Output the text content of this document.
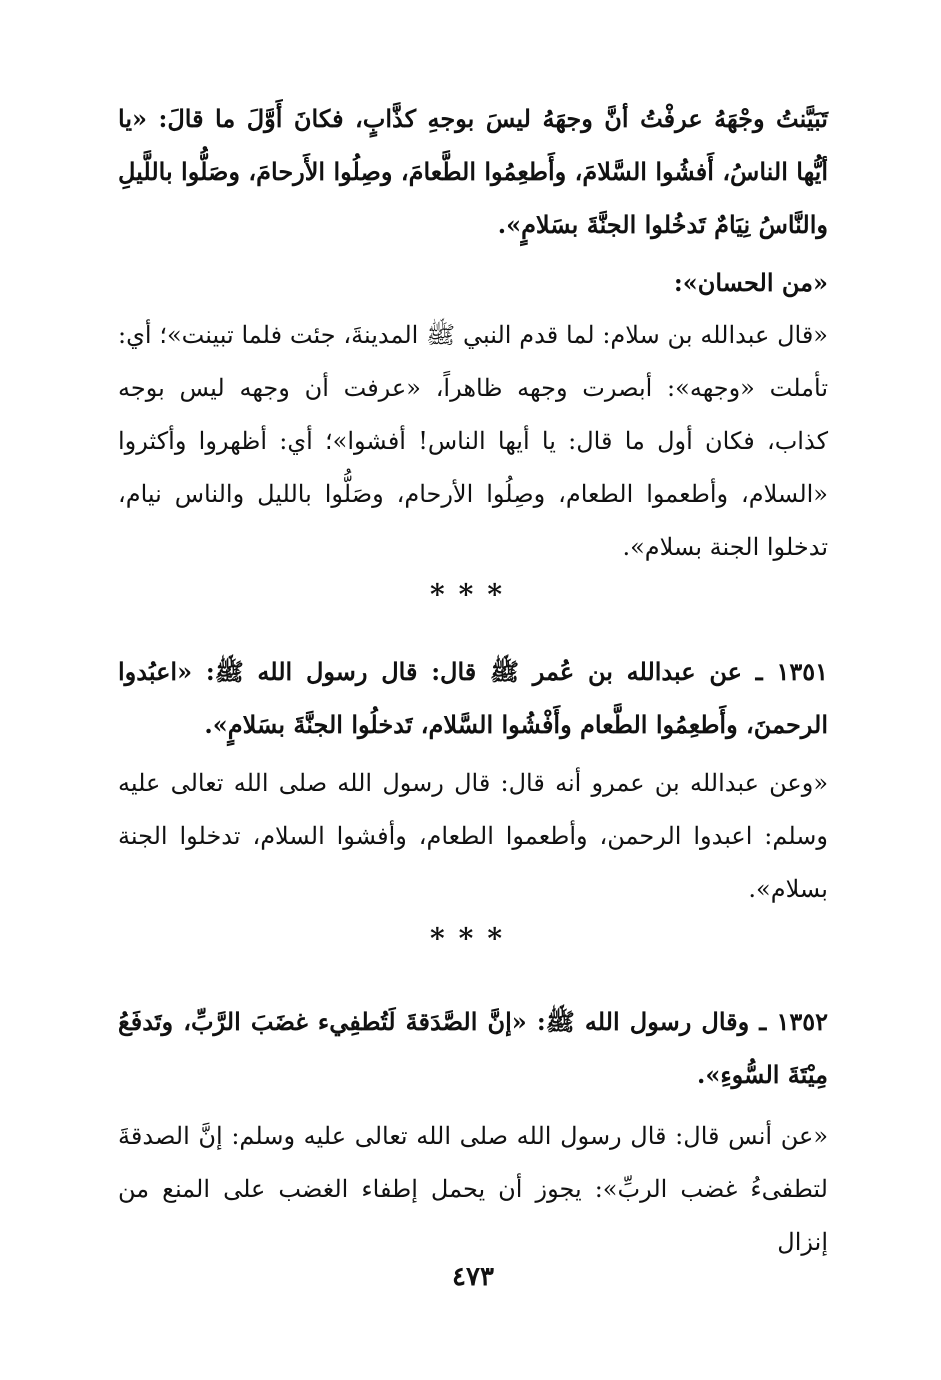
تَبَيَّنتُ وجْهَهُ عرفْتُ أنَّ وجهَهُ ليسَ بوجهِ كذَّابٍ، فكانَ أَوَّلَ ما قالَ: «يا أيُّها الناسُ، أَفشُوا السَّلامَ، وأَطعِمُوا الطَّعامَ، وصِلُوا الأَرحامَ، وصَلُّوا باللَّيلِ والنَّاسُ نِيَامٌ تَدخُلوا الجنَّةَ بسَلامٍ».
«من الحسان»:
«قال عبدالله بن سلام: لما قدم النبي ﷺ المدينةَ، جئت فلما تبينت»؛ أي: تأملت «وجهه»: أبصرت وجهه ظاهراً، «عرفت أن وجهه ليس بوجه كذاب، فكان أول ما قال: يا أيها الناس! أفشوا»؛ أي: أظهروا وأكثروا «السلام، وأطعموا الطعام، وصِلُوا الأرحام، وصَلُّوا بالليل والناس نيام، تدخلوا الجنة بسلام».
***
١٣٥١ ـ عن عبدالله بن عُمر ﷺ قال: قال رسول الله ﷺ: «اعبُدوا الرحمنَ، وأَطعِمُوا الطَّعام وأَفْشُوا السَّلام، تَدخلُوا الجنَّةَ بسَلامٍ».
«وعن عبدالله بن عمرو أنه قال: قال رسول الله صلى الله تعالى عليه وسلم: اعبدوا الرحمن، وأطعموا الطعام، وأفشوا السلام، تدخلوا الجنة بسلام».
***
١٣٥٢ ـ وقال رسول الله ﷺ: «إنَّ الصَّدَقةَ لَتُطفِيء غضَبَ الرَّبِّ، وتَدفَعُ مِيْتَةَ السُّوءِ».
«عن أنس قال: قال رسول الله صلى الله تعالى عليه وسلم: إنَّ الصدقةَ لتطفىءُ غضب الربِّ»: يجوز أن يحمل إطفاء الغضب على المنع من إنزال
٤٧٣
